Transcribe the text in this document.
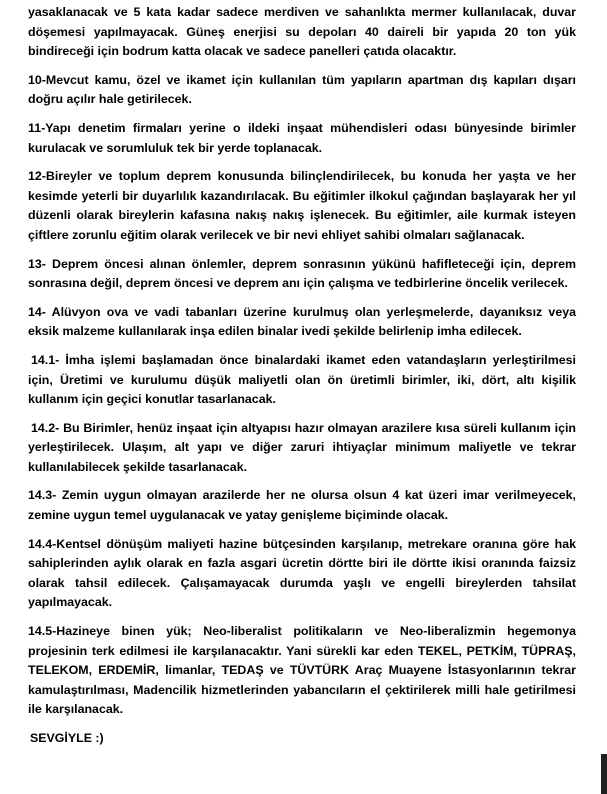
yasaklanacak ve 5 kata kadar sadece merdiven ve sahanlıkta mermer kullanılacak, duvar döşemesi yapılmayacak. Güneş enerjisi su depoları 40 daireli bir yapıda 20 ton yük bindireceği için bodrum katta olacak ve sadece panelleri çatıda olacaktır.

10-Mevcut kamu, özel ve ikamet için kullanılan tüm yapıların apartman dış kapıları dışarı doğru açılır hale getirilecek.

11-Yapı denetim firmaları yerine o ildeki inşaat mühendisleri odası bünyesinde birimler kurulacak ve sorumluluk tek bir yerde toplanacak.

12-Bireyler ve toplum deprem konusunda bilinçlendirilecek, bu konuda her yaşta ve her kesimde yeterli bir duyarlılık kazandırılacak. Bu eğitimler ilkokul çağından başlayarak her yıl düzenli olarak bireylerin kafasına nakış nakış işlenecek. Bu eğitimler, aile kurmak isteyen çiftlere zorunlu eğitim olarak verilecek ve bir nevi ehliyet sahibi olmaları sağlanacak.

13- Deprem öncesi alınan önlemler, deprem sonrasının yükünü hafifleteceği için, deprem sonrasına değil, deprem öncesi ve deprem anı için çalışma ve tedbirlerine öncelik verilecek.

14- Alüvyon ova ve vadi tabanları üzerine kurulmuş olan yerleşmelerde, dayanıksız veya eksik malzeme kullanılarak inşa edilen binalar ivedi şekilde belirlenip imha edilecek.

14.1- İmha işlemi başlamadan önce binalardaki ikamet eden vatandaşların yerleştirilmesi için, Üretimi ve kurulumu düşük maliyetli olan ön üretimli birimler, iki, dört, altı kişilik kullanım için geçici konutlar tasarlanacak.

14.2- Bu Birimler, henüz inşaat için altyapısı hazır olmayan arazilere kısa süreli kullanım için yerleştirilecek. Ulaşım, alt yapı ve diğer zaruri ihtiyaçlar minimum maliyetle ve tekrar kullanılabilecek şekilde tasarlanacak.

14.3- Zemin uygun olmayan arazilerde her ne olursa olsun 4 kat üzeri imar verilmeyecek, zemine uygun temel uygulanacak ve yatay genişleme biçiminde olacak.

14.4-Kentsel dönüşüm maliyeti hazine bütçesinden karşılanıp, metrekare oranına göre hak sahiplerinden aylık olarak en fazla asgari ücretin dörtte biri ile dörtte ikisi oranında faizsiz olarak tahsil edilecek. Çalışamayacak durumda yaşlı ve engelli bireylerden tahsilat yapılmayacak.

14.5-Hazineye binen yük; Neo-liberalist politikaların ve Neo-liberalizmin hegemonya projesinin terk edilmesi ile karşılanacaktır. Yani sürekli kar eden TEKEL, PETKİM, TÜPRAŞ, TELEKOM, ERDEMİR, limanlar, TEDAŞ ve TÜVTÜRK Araç Muayene İstasyonlarının tekrar kamulaştırılması, Madencilik hizmetlerinden yabancıların el çektirilerek milli hale getirilmesi ile karşılanacak.

SEVGİYLE :)
